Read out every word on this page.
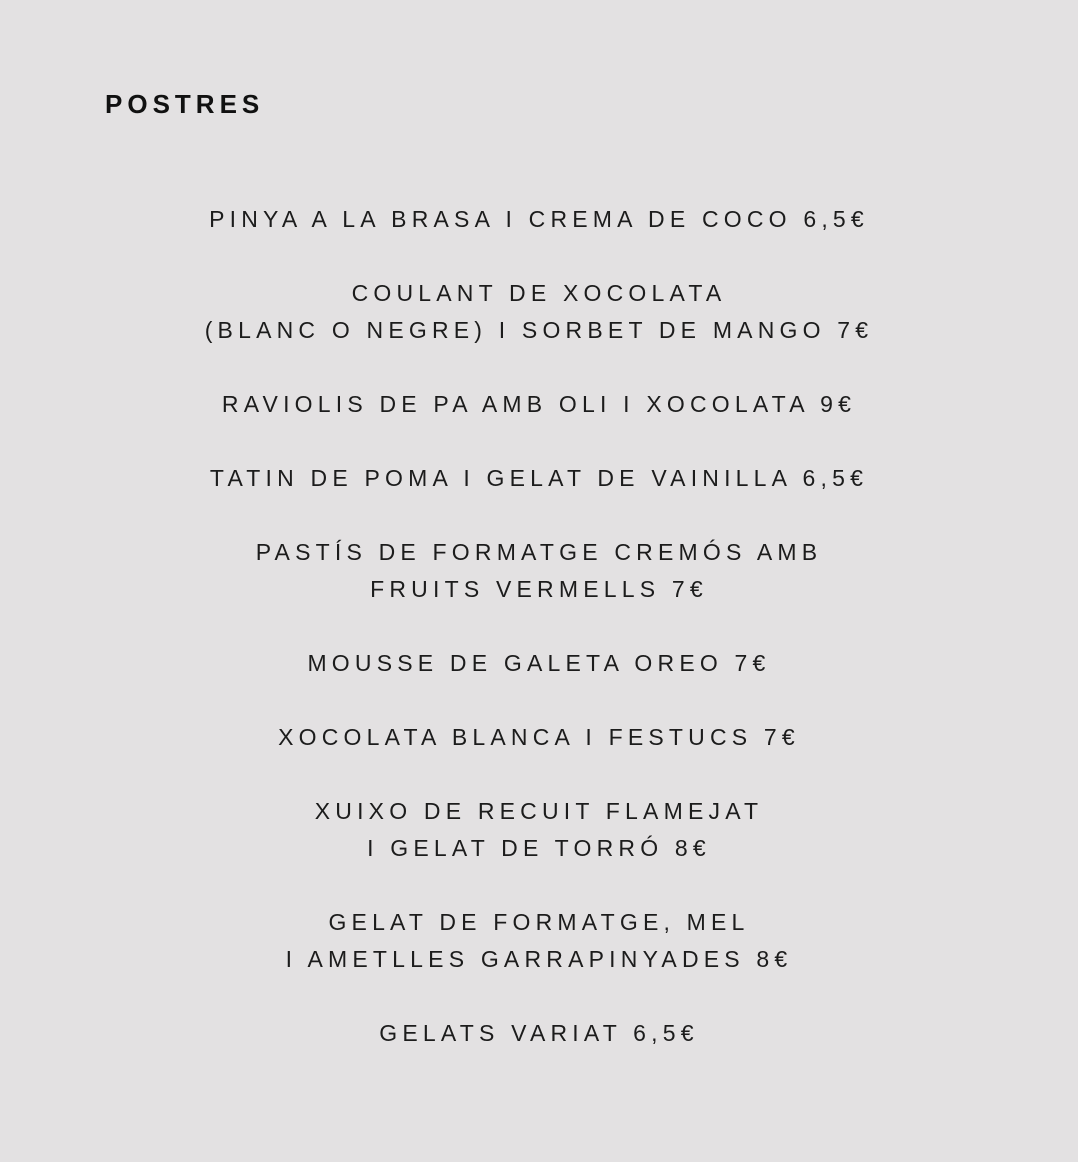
POSTRES
PINYA A LA BRASA I CREMA DE COCO 6,5€
COULANT DE XOCOLATA
(BLANC O NEGRE) I SORBET DE MANGO 7€
RAVIOLIS DE PA AMB OLI I XOCOLATA 9€
TATIN DE POMA I GELAT DE VAINILLA 6,5€
PASTÍS DE FORMATGE CREMÓS AMB
FRUITS VERMELLS 7€
MOUSSE DE GALETA OREO 7€
XOCOLATA BLANCA I FESTUCS 7€
XUIXO DE RECUIT FLAMEJAT
I GELAT DE TORRÓ 8€
GELAT DE FORMATGE, MEL
I AMETLLES GARRAPINYADES 8€
GELATS VARIAT 6,5€
